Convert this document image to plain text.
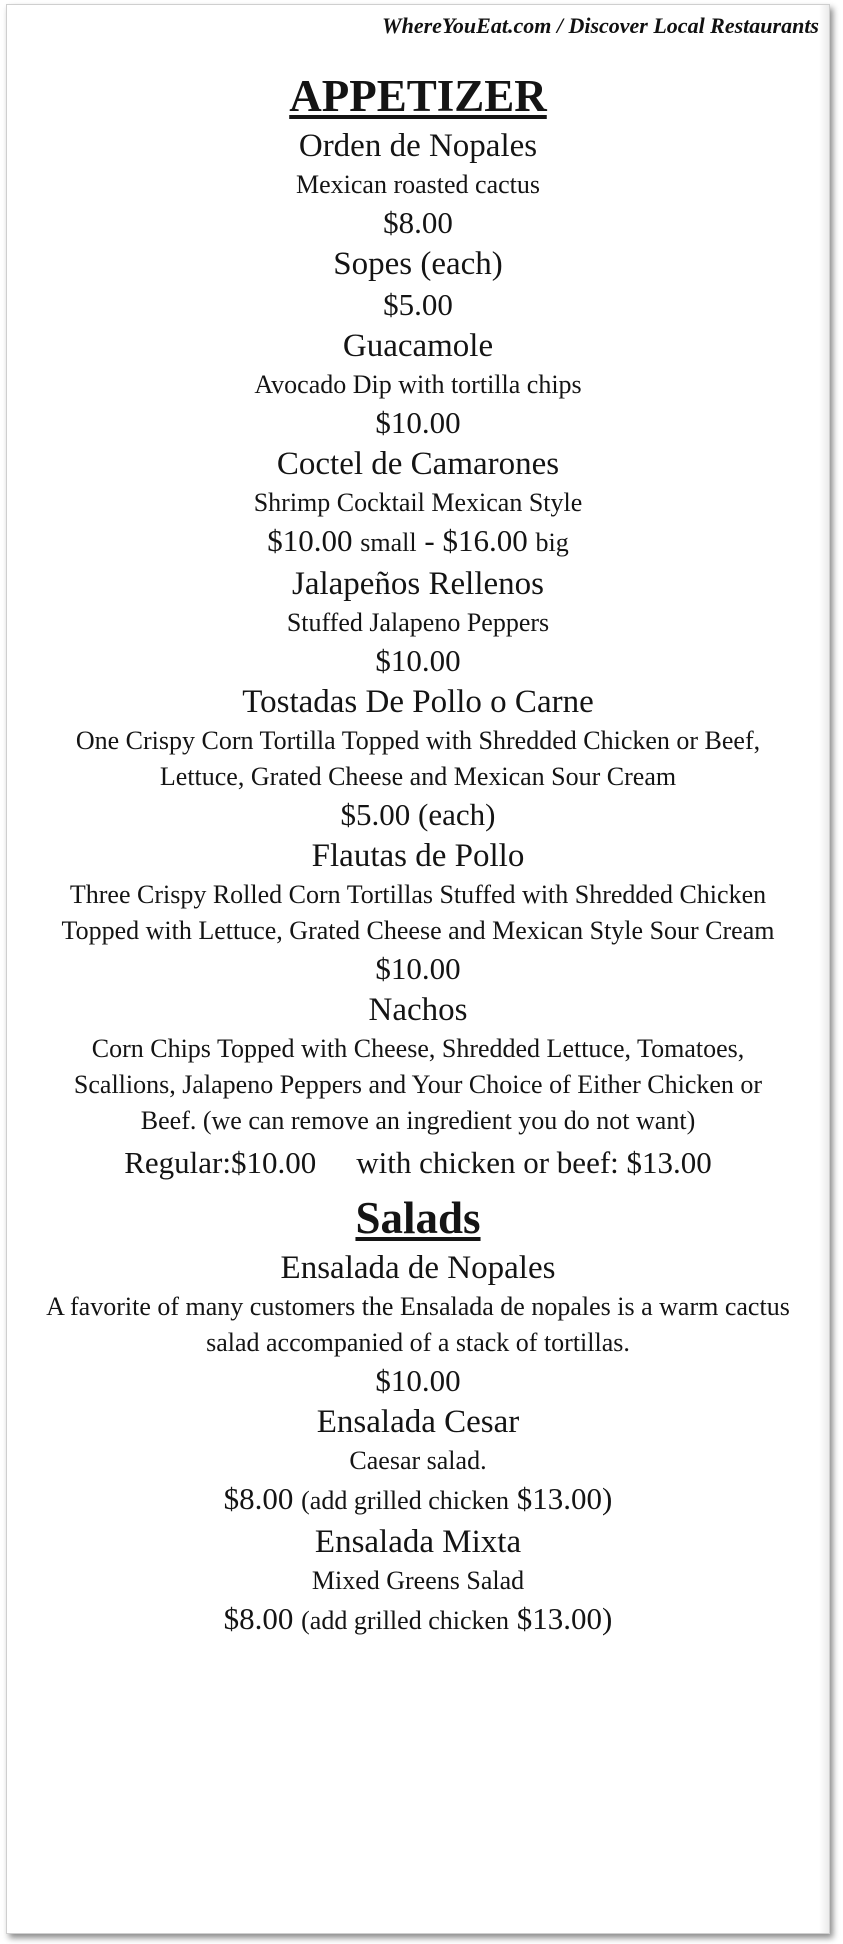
WhereYouEat.com / Discover Local Restaurants
APPETIZER
Orden de Nopales
Mexican roasted cactus
$8.00
Sopes (each)
$5.00
Guacamole
Avocado Dip with tortilla chips
$10.00
Coctel de Camarones
Shrimp Cocktail Mexican Style
$10.00 small - $16.00 big
Jalapeños Rellenos
Stuffed Jalapeno Peppers
$10.00
Tostadas De Pollo o Carne
One Crispy Corn Tortilla Topped with Shredded Chicken or Beef, Lettuce, Grated Cheese and Mexican Sour Cream
$5.00 (each)
Flautas de Pollo
Three Crispy Rolled Corn Tortillas Stuffed with Shredded Chicken Topped with Lettuce, Grated Cheese and Mexican Style Sour Cream
$10.00
Nachos
Corn Chips Topped with Cheese, Shredded Lettuce, Tomatoes, Scallions, Jalapeno Peppers and Your Choice of Either Chicken or Beef. (we can remove an ingredient you do not want)
Regular:$10.00 with chicken or beef: $13.00
Salads
Ensalada de Nopales
A favorite of many customers the Ensalada de nopales is a warm cactus salad accompanied of a stack of tortillas.
$10.00
Ensalada Cesar
Caesar salad.
$8.00 (add grilled chicken $13.00)
Ensalada Mixta
Mixed Greens Salad
$8.00 (add grilled chicken $13.00)
